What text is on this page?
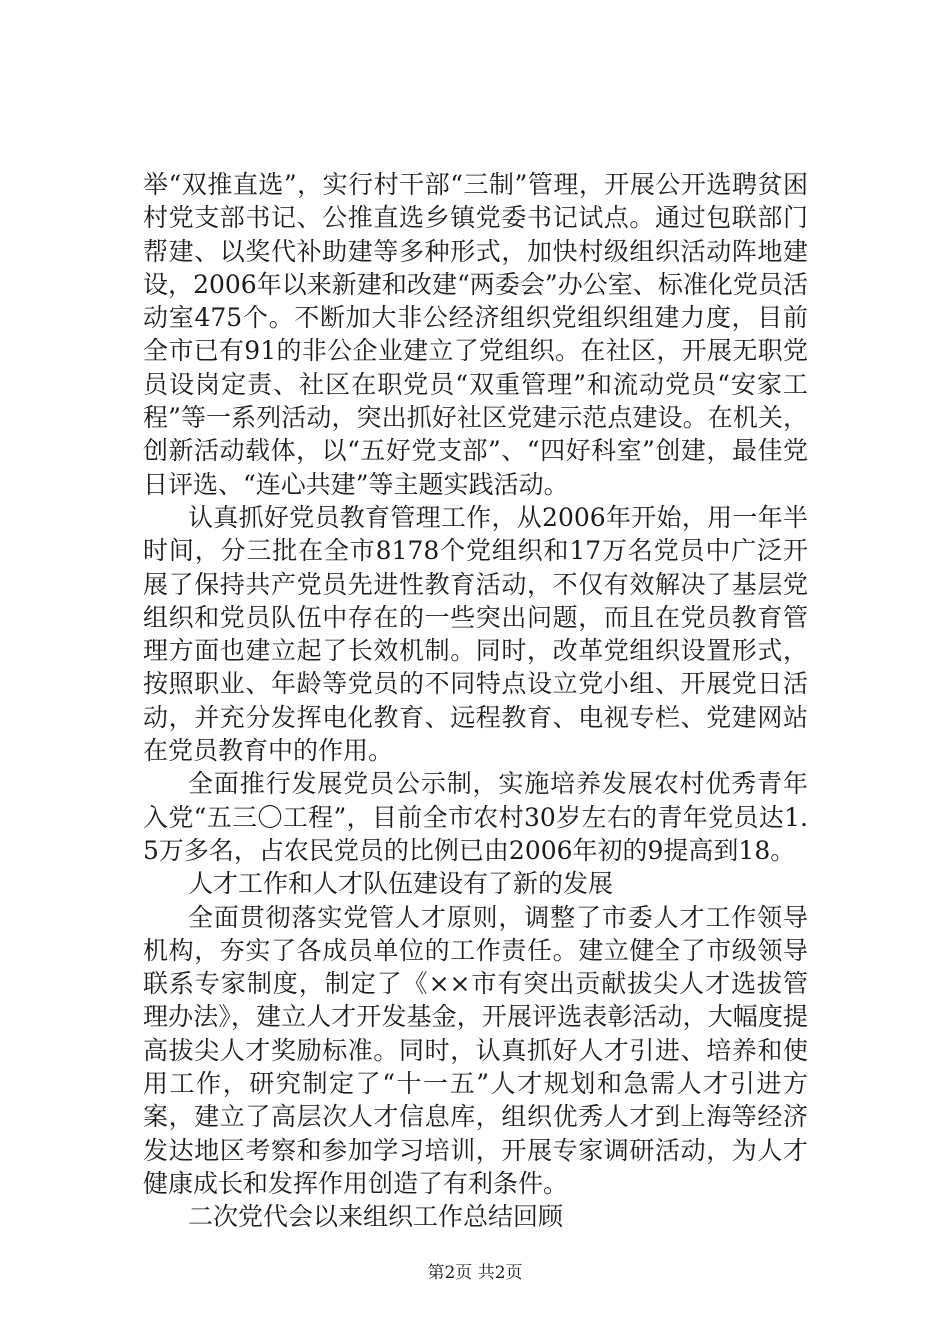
举“双推直选”，实行村干部“三制”管理，开展公开选聘贫困村党支部书记、公推直选乡镇党委书记试点。通过包联部门帮建、以奖代补助建等多种形式，加快村级组织活动阵地建设，2006年以来新建和改建“两委会”办公室、标准化党员活动室475个。不断加大非公经济组织党组织组建力度，目前全市已有91的非公企业建立了党组织。在社区，开展无职党员设岗定责、社区在职党员“双重管理”和流动党员“安家工程”等一系列活动，突出抓好社区党建示范点建设。在机关，创新活动载体，以“五好党支部”、“四好科室”创建，最佳党日评选、“连心共建”等主题实践活动。

认真抓好党员教育管理工作，从2006年开始，用一年半时间，分三批在全市8178个党组织和17万名党员中广泛开展了保持共产党员先进性教育活动，不仅有效解决了基层党组织和党员队伍中存在的一些突出问题，而且在党员教育管理方面也建立起了长效机制。同时，改革党组织设置形式，按照职业、年龄等党员的不同特点设立党小组、开展党日活动，并充分发挥电化教育、远程教育、电视专栏、党建网站在党员教育中的作用。

全面推行发展党员公示制，实施培养发展农村优秀青年入党“五三〇工程”，目前全市农村30岁左右的青年党员达1.5万多名，占农民党员的比例已由2006年初的9提高到18。

人才工作和人才队伍建设有了新的发展

全面贯彻落实党管人才原则，调整了市委人才工作领导机构，夯实了各成员单位的工作责任。建立健全了市级领导联系专家制度，制定了《××市有突出贡献拔尖人才选拔管理办法》，建立人才开发基金，开展评选表彰活动，大幅度提高拔尖人才奖励标准。同时，认真抓好人才引进、培养和使用工作，研究制定了“十一五”人才规划和急需人才引进方案，建立了高层次人才信息库，组织优秀人才到上海等经济发达地区考察和参加学习培训，开展专家调研活动，为人才健康成长和发挥作用创造了有利条件。

二次党代会以来组织工作总结回顾

第2页 共2页
